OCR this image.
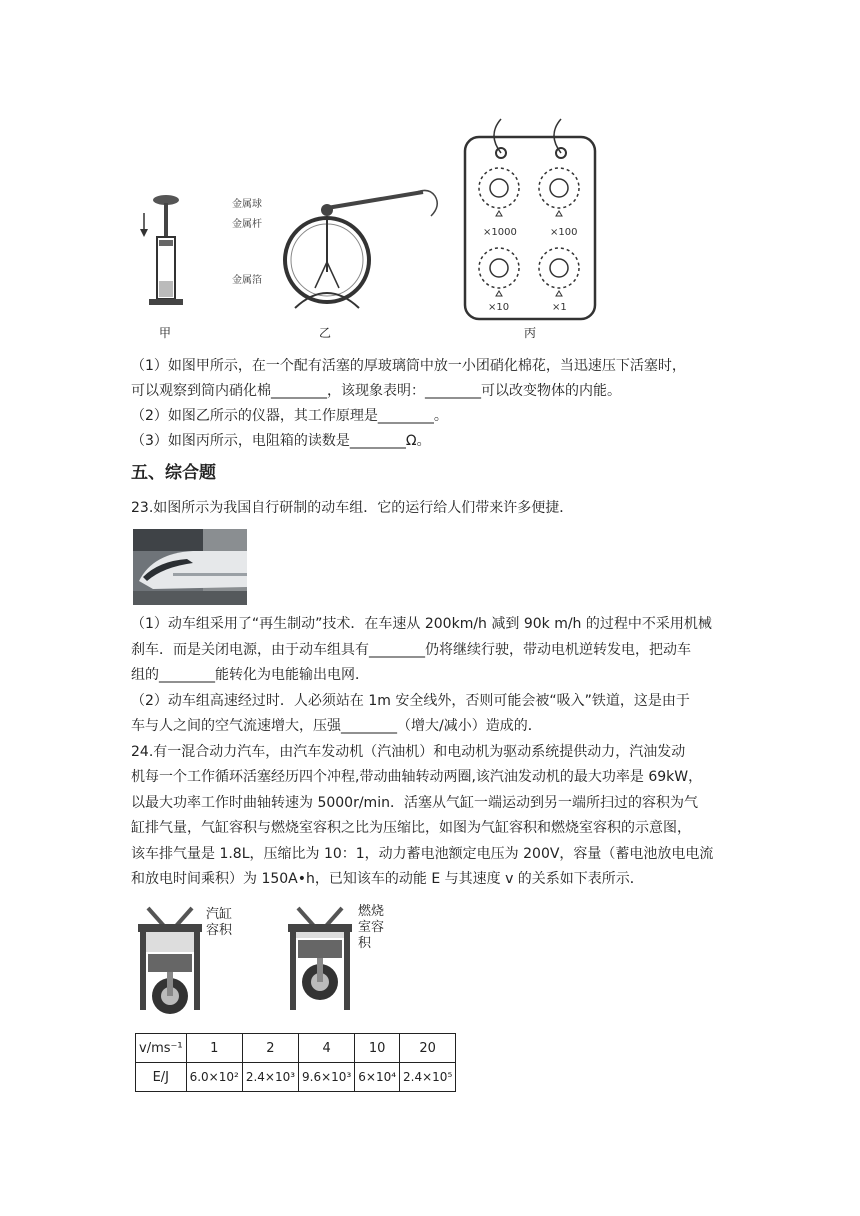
甲
金属球
金属杆
金属箔
乙
×1000	×100
×10	×1
丙
（1）如图甲所示，在一个配有活塞的厚玻璃筒中放一小团硝化棉花，当迅速压下活塞时，
可以观察到筒内硝化棉________，该现象表明：________可以改变物体的内能。
（2）如图乙所示的仪器，其工作原理是________。
（3）如图丙所示，电阻箱的读数是________Ω。
五、综合题
23.如图所示为我国自行研制的动车组．它的运行给人们带来许多便捷．
（1）动车组采用了“再生制动”技术．在车速从 200km/h 减到 90k m/h 的过程中不采用机械
刹车．而是关闭电源，由于动车组具有________仍将继续行驶，带动电机逆转发电，把动车
组的________能转化为电能输出电网．
（2）动车组高速经过时．人必须站在 1m 安全线外，否则可能会被“吸入”铁道，这是由于
车与人之间的空气流速增大，压强________（增大/减小）造成的．
24.有一混合动力汽车，由汽车发动机（汽油机）和电动机为驱动系统提供动力，汽油发动
机每一个工作循环活塞经历四个冲程,带动曲轴转动两圈,该汽油发动机的最大功率是 69kW，
以最大功率工作时曲轴转速为 5000r/min．活塞从气缸一端运动到另一端所扫过的容积为气
缸排气量，气缸容积与燃烧室容积之比为压缩比，如图为气缸容积和燃烧室容积的示意图，
该车排气量是 1.8L，压缩比为 10：1，动力蓄电池额定电压为 200V，容量（蓄电池放电电流
和放电时间乘积）为 150A•h，已知该车的动能 E 与其速度 v 的关系如下表所示．
汽缸容积
燃烧室容积
v/ms⁻¹	1	2	4	10	20
E/J	6.0×10²	2.4×10³	9.6×10³	6×10⁴	2.4×10⁵
